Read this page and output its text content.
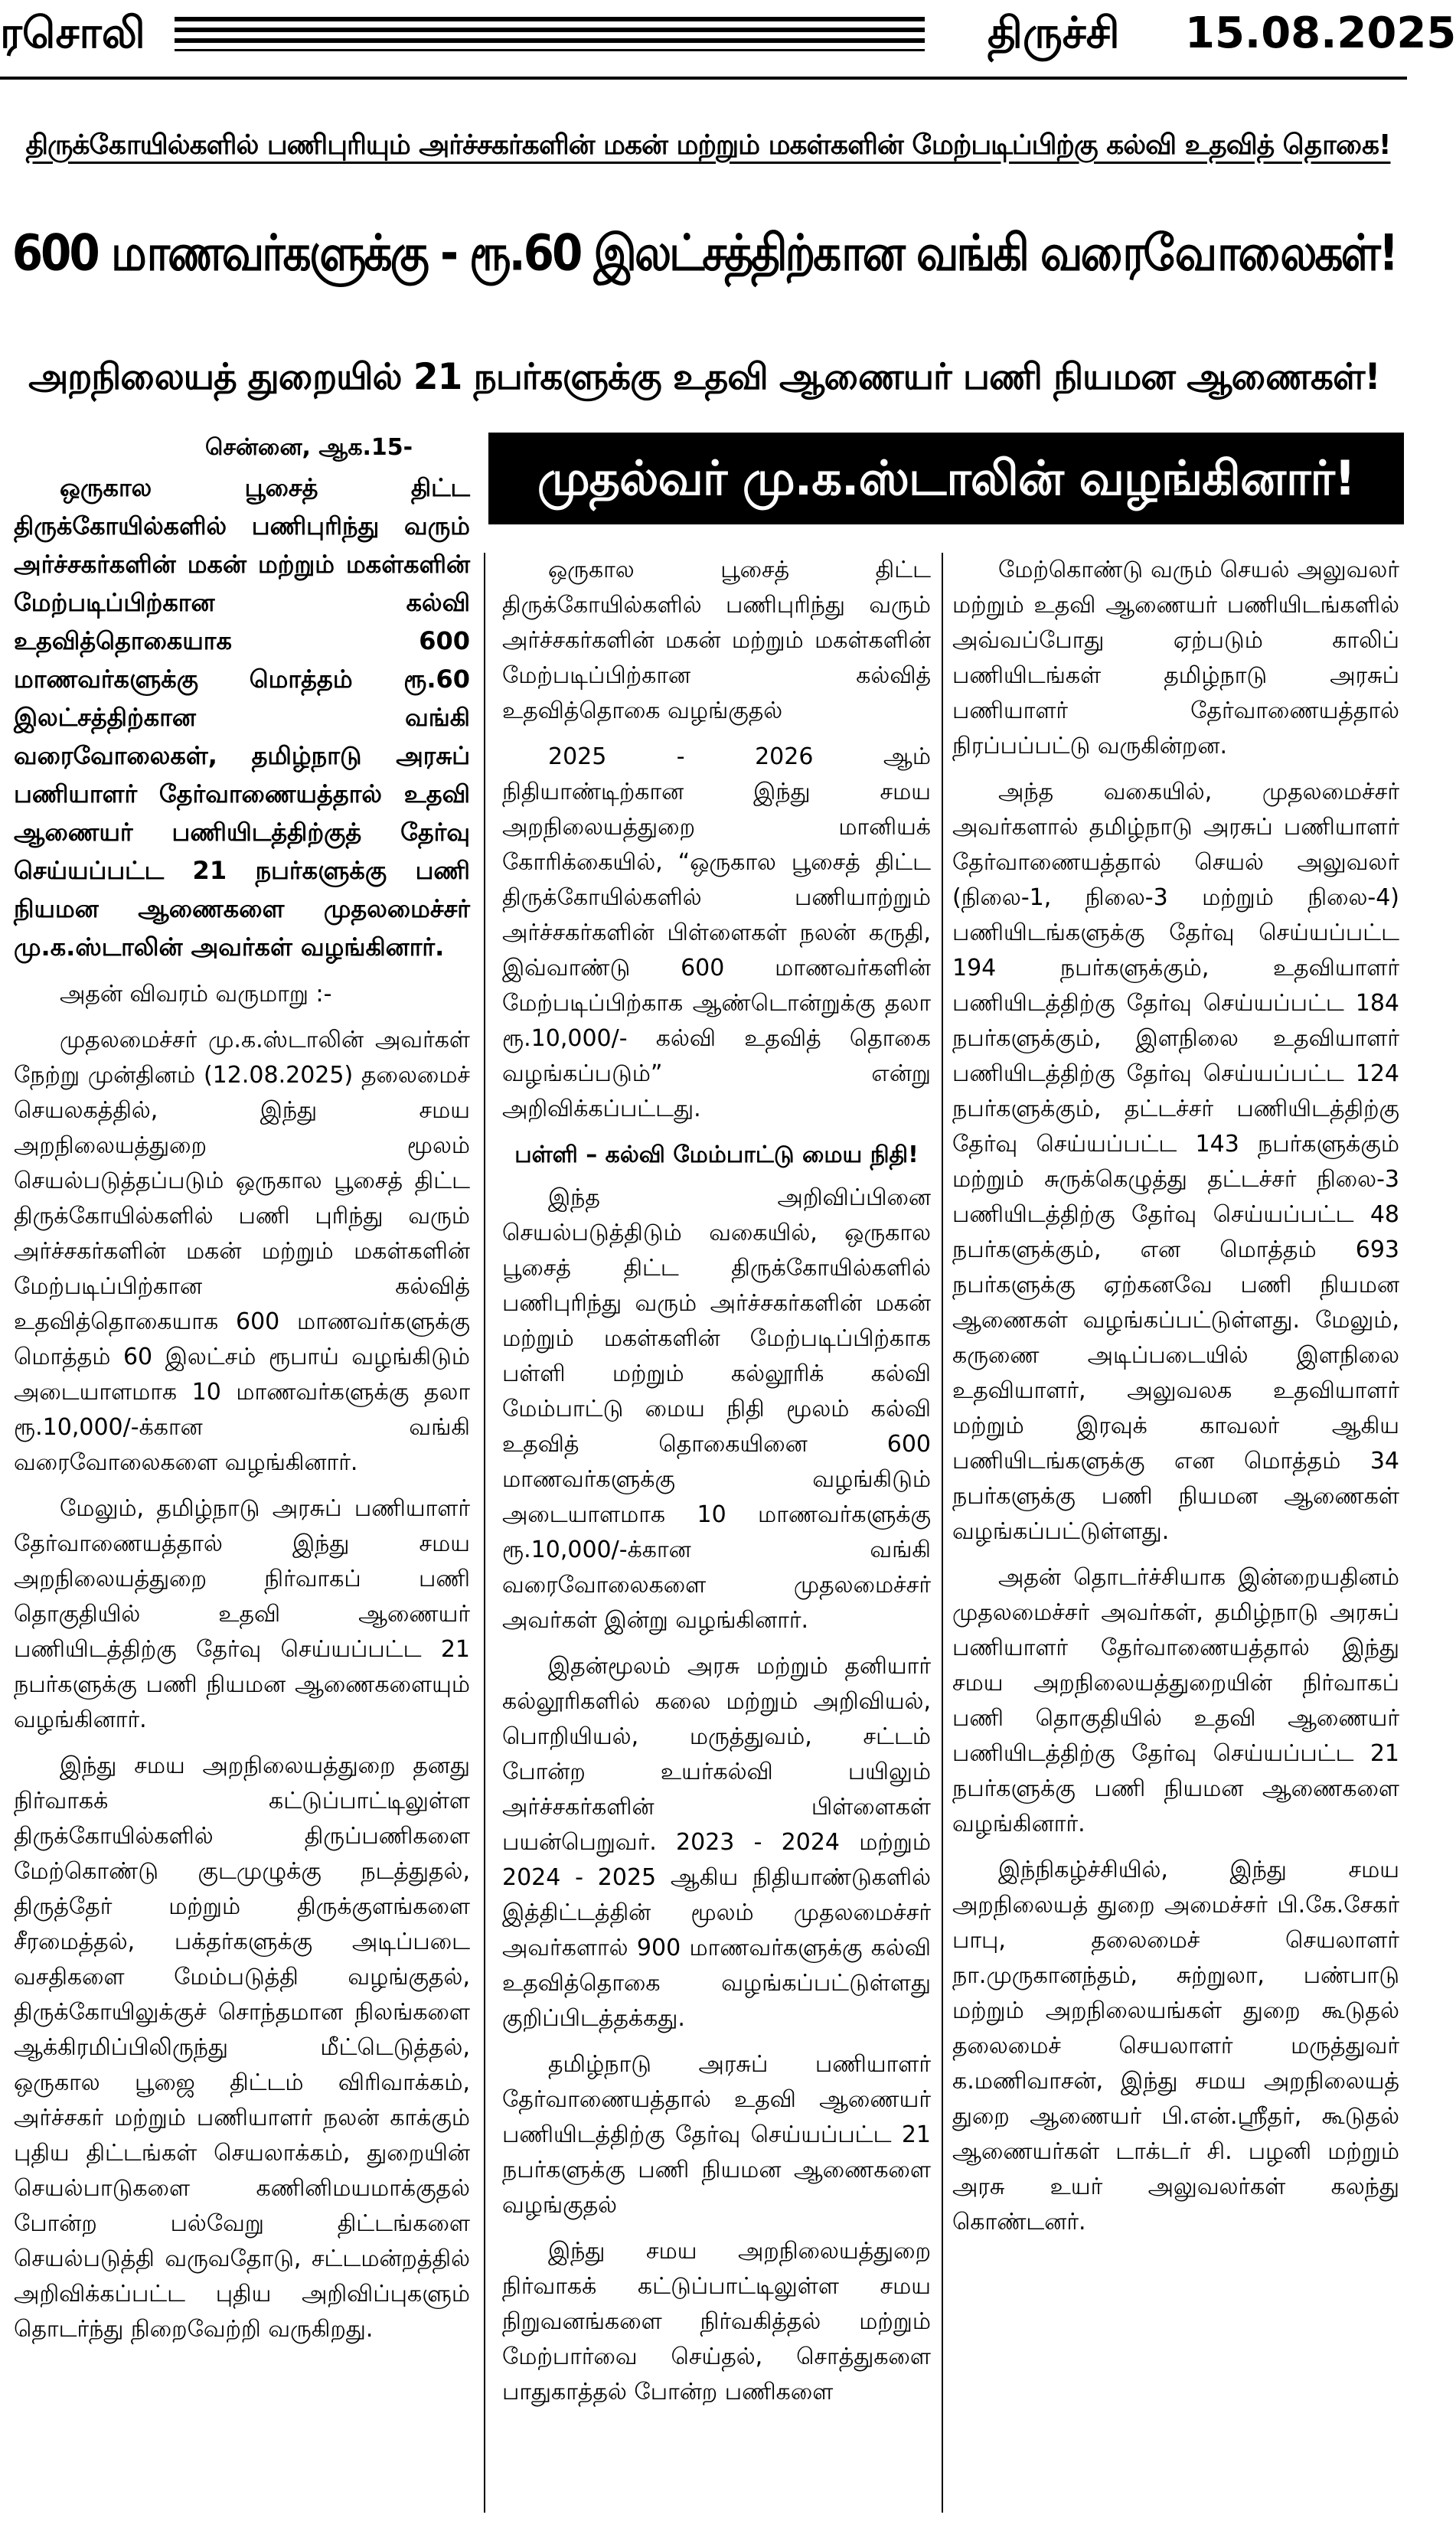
ரசொலி	திருச்சி 15.08.2025
திருக்கோயில்களில் பணிபுரியும் அர்ச்சகர்களின் மகன் மற்றும் மகள்களின் மேற்படிப்பிற்கு கல்வி உதவித் தொகை!
600 மாணவர்களுக்கு - ரூ.60 இலட்சத்திற்கான வங்கி வரைவோலைகள்!
அறநிலையத் துறையில் 21 நபர்களுக்கு உதவி ஆணையர் பணி நியமன ஆணைகள்!
முதல்வர் மு.க.ஸ்டாலின் வழங்கினார்!
சென்னை, ஆக.15-

ஒருகால பூசைத் திட்ட திருக்கோயில்களில் பணிபுரிந்து வரும் அர்ச்சகர்களின் மகன் மற்றும் மகள்களின் மேற்படிப்பிற்கான கல்வி உதவித்தொகையாக 600 மாணவர்களுக்கு மொத்தம் ரூ.60 இலட்சத்திற்கான வங்கி வரைவோலைகள், தமிழ்நாடு அரசுப் பணியாளர் தேர்வாணையத்தால் உதவி ஆணையர் பணியிடத்திற்குத் தேர்வு செய்யப்பட்ட 21 நபர்களுக்கு பணி நியமன ஆணைகளை முதலமைச்சர் மு.க.ஸ்டாலின் அவர்கள் வழங்கினார்.

அதன் விவரம் வருமாறு :-

முதலமைச்சர் மு.க.ஸ்டாலின் அவர்கள் நேற்று முன்தினம் (12.08.2025) தலைமைச் செயலகத்தில், இந்து சமய அறநிலையத்துறை மூலம் செயல்படுத்தப்படும் ஒருகால பூசைத் திட்ட திருக்கோயில்களில் பணி புரிந்து வரும் அர்ச்சகர்களின் மகன் மற்றும் மகள்களின் மேற்படிப்பிற்கான கல்வித் உதவித்தொகையாக 600 மாணவர்களுக்கு மொத்தம் 60 இலட்சம் ரூபாய் வழங்கிடும் அடையாளமாக 10 மாணவர்களுக்கு தலா ரூ.10,000/-க்கான வங்கி வரைவோலைகளை வழங்கினார்.

மேலும், தமிழ்நாடு அரசுப் பணியாளர் தேர்வாணையத்தால் இந்து சமய அறநிலையத்துறை நிர்வாகப் பணி தொகுதியில் உதவி ஆணையர் பணியிடத்திற்கு தேர்வு செய்யப்பட்ட 21 நபர்களுக்கு பணி நியமன ஆணைகளையும் வழங்கினார்.

இந்து சமய அறநிலையத்துறை தனது நிர்வாகக் கட்டுப்பாட்டிலுள்ள திருக்கோயில்களில் திருப்பணிகளை மேற்கொண்டு குடமுழுக்கு நடத்துதல், திருத்தேர் மற்றும் திருக்குளங்களை சீரமைத்தல், பக்தர்களுக்கு அடிப்படை வசதிகளை மேம்படுத்தி வழங்குதல், திருக்கோயிலுக்குச் சொந்தமான நிலங்களை ஆக்கிரமிப்பிலிருந்து மீட்டெடுத்தல், ஒருகால பூஜை திட்டம் விரிவாக்கம், அர்ச்சகர் மற்றும் பணியாளர் நலன் காக்கும் புதிய திட்டங்கள் செயலாக்கம், துறையின் செயல்பாடுகளை கணினிமயமாக்குதல் போன்ற பல்வேறு திட்டங்களை செயல்படுத்தி வருவதோடு, சட்டமன்றத்தில் அறிவிக்கப்பட்ட புதிய அறிவிப்புகளும் தொடர்ந்து நிறைவேற்றி வருகிறது.

ஒருகால பூசைத் திட்ட திருக்கோயில்களில் பணிபுரிந்து வரும் அர்ச்சகர்களின் மகன் மற்றும் மகள்களின் மேற்படிப்பிற்கான கல்வித் உதவித்தொகை வழங்குதல்

2025 - 2026 ஆம் நிதியாண்டிற்கான இந்து சமய அறநிலையத்துறை மானியக் கோரிக்கையில், “ஒருகால பூசைத் திட்ட திருக்கோயில்களில் பணியாற்றும் அர்ச்சகர்களின் பிள்ளைகள் நலன் கருதி, இவ்வாண்டு 600 மாணவர்களின் மேற்படிப்பிற்காக ஆண்டொன்றுக்கு தலா ரூ.10,000/- கல்வி உதவித் தொகை வழங்கப்படும்” என்று அறிவிக்கப்பட்டது.

பள்ளி – கல்வி மேம்பாட்டு மைய நிதி!

இந்த அறிவிப்பினை செயல்படுத்திடும் வகையில், ஒருகால பூசைத் திட்ட திருக்கோயில்களில் பணிபுரிந்து வரும் அர்ச்சகர்களின் மகன் மற்றும் மகள்களின் மேற்படிப்பிற்காக பள்ளி மற்றும் கல்லூரிக் கல்வி மேம்பாட்டு மைய நிதி மூலம் கல்வி உதவித் தொகையினை 600 மாணவர்களுக்கு வழங்கிடும் அடையாளமாக 10 மாணவர்களுக்கு ரூ.10,000/-க்கான வங்கி வரைவோலைகளை முதலமைச்சர் அவர்கள் இன்று வழங்கினார்.

இதன்மூலம் அரசு மற்றும் தனியார் கல்லூரிகளில் கலை மற்றும் அறிவியல், பொறியியல், மருத்துவம், சட்டம் போன்ற உயர்கல்வி பயிலும் அர்ச்சகர்களின் பிள்ளைகள் பயன்பெறுவர். 2023 - 2024 மற்றும் 2024 - 2025 ஆகிய நிதியாண்டுகளில் இத்திட்டத்தின் மூலம் முதலமைச்சர் அவர்களால் 900 மாணவர்களுக்கு கல்வி உதவித்தொகை வழங்கப்பட்டுள்ளது குறிப்பிடத்தக்கது.

தமிழ்நாடு அரசுப் பணியாளர் தேர்வாணையத்தால் உதவி ஆணையர் பணியிடத்திற்கு தேர்வு செய்யப்பட்ட 21 நபர்களுக்கு பணி நியமன ஆணைகளை வழங்குதல்

இந்து சமய அறநிலையத்துறை நிர்வாகக் கட்டுப்பாட்டிலுள்ள சமய நிறுவனங்களை நிர்வகித்தல் மற்றும் மேற்பார்வை செய்தல், சொத்துகளை பாதுகாத்தல் போன்ற பணிகளை

மேற்கொண்டு வரும் செயல் அலுவலர் மற்றும் உதவி ஆணையர் பணியிடங்களில் அவ்வப்போது ஏற்படும் காலிப் பணியிடங்கள் தமிழ்நாடு அரசுப் பணியாளர் தேர்வாணையத்தால் நிரப்பப்பட்டு வருகின்றன.

அந்த வகையில், முதலமைச்சர் அவர்களால் தமிழ்நாடு அரசுப் பணியாளர் தேர்வாணையத்தால் செயல் அலுவலர் (நிலை-1, நிலை-3 மற்றும் நிலை-4) பணியிடங்களுக்கு தேர்வு செய்யப்பட்ட 194 நபர்களுக்கும், உதவியாளர் பணியிடத்திற்கு தேர்வு செய்யப்பட்ட 184 நபர்களுக்கும், இளநிலை உதவியாளர் பணியிடத்திற்கு தேர்வு செய்யப்பட்ட 124 நபர்களுக்கும், தட்டச்சர் பணியிடத்திற்கு தேர்வு செய்யப்பட்ட 143 நபர்களுக்கும் மற்றும் சுருக்கெழுத்து தட்டச்சர் நிலை-3 பணியிடத்திற்கு தேர்வு செய்யப்பட்ட 48 நபர்களுக்கும், என மொத்தம் 693 நபர்களுக்கு ஏற்கனவே பணி நியமன ஆணைகள் வழங்கப்பட்டுள்ளது. மேலும், கருணை அடிப்படையில் இளநிலை உதவியாளர், அலுவலக உதவியாளர் மற்றும் இரவுக் காவலர் ஆகிய பணியிடங்களுக்கு என மொத்தம் 34 நபர்களுக்கு பணி நியமன ஆணைகள் வழங்கப்பட்டுள்ளது.

அதன் தொடர்ச்சியாக இன்றையதினம் முதலமைச்சர் அவர்கள், தமிழ்நாடு அரசுப் பணியாளர் தேர்வாணையத்தால் இந்து சமய அறநிலையத்துறையின் நிர்வாகப் பணி தொகுதியில் உதவி ஆணையர் பணியிடத்திற்கு தேர்வு செய்யப்பட்ட 21 நபர்களுக்கு பணி நியமன ஆணைகளை வழங்கினார்.

இந்நிகழ்ச்சியில், இந்து சமய அறநிலையத் துறை அமைச்சர் பி.கே.சேகர் பாபு, தலைமைச் செயலாளர் நா.முருகானந்தம், சுற்றுலா, பண்பாடு மற்றும் அறநிலையங்கள் துறை கூடுதல் தலைமைச் செயலாளர் மருத்துவர் க.மணிவாசன், இந்து சமய அறநிலையத் துறை ஆணையர் பி.என்.ஸ்ரீதர், கூடுதல் ஆணையர்கள் டாக்டர் சி. பழனி மற்றும் அரசு உயர் அலுவலர்கள் கலந்து கொண்டனர்.
